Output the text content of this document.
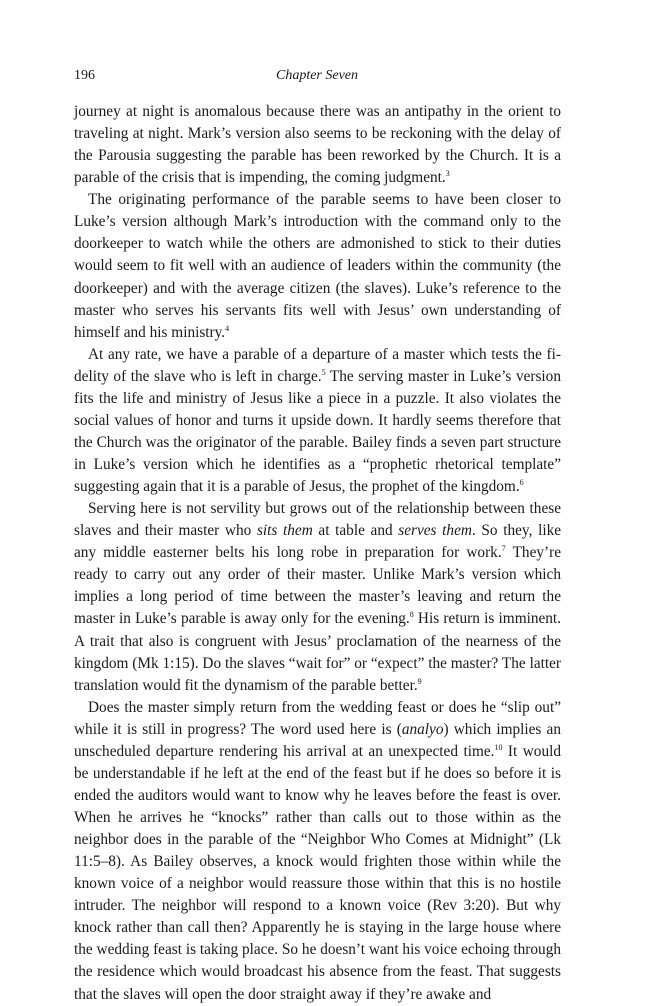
196	Chapter Seven

journey at night is anomalous because there was an antipathy in the orient to traveling at night. Mark’s version also seems to be reckoning with the delay of the Parousia suggesting the parable has been reworked by the Church. It is a parable of the crisis that is impending, the coming judgment.$^3$

The originating performance of the parable seems to have been closer to Luke’s version although Mark’s introduction with the command only to the doorkeeper to watch while the others are admonished to stick to their duties would seem to fit well with an audience of leaders within the community (the doorkeeper) and with the average citizen (the slaves). Luke’s reference to the master who serves his servants fits well with Jesus’ own understanding of himself and his ministry.$^4$

At any rate, we have a parable of a departure of a master which tests the fidelity of the slave who is left in charge.$^5$ The serving master in Luke’s version fits the life and ministry of Jesus like a piece in a puzzle. It also violates the social values of honor and turns it upside down. It hardly seems therefore that the Church was the originator of the parable. Bailey finds a seven part structure in Luke’s version which he identifies as a “prophetic rhetorical template” suggesting again that it is a parable of Jesus, the prophet of the kingdom.$^6$

Serving here is not servility but grows out of the relationship between these slaves and their master who sits them at table and serves them. So they, like any middle easterner belts his long robe in preparation for work.$^7$ They’re ready to carry out any order of their master. Unlike Mark’s version which implies a long period of time between the master’s leaving and return the master in Luke’s parable is away only for the evening.$^8$ His return is imminent. A trait that also is congruent with Jesus’ proclamation of the nearness of the kingdom (Mk 1:15). Do the slaves “wait for” or “expect” the master? The latter translation would fit the dynamism of the parable better.$^9$

Does the master simply return from the wedding feast or does he “slip out” while it is still in progress? The word used here is (analyo) which implies an unscheduled departure rendering his arrival at an unexpected time.$^{10}$ It would be understandable if he left at the end of the feast but if he does so before it is ended the auditors would want to know why he leaves before the feast is over. When he arrives he “knocks” rather than calls out to those within as the neighbor does in the parable of the “Neighbor Who Comes at Midnight” (Lk 11:5–8). As Bailey observes, a knock would frighten those within while the known voice of a neighbor would reassure those within that this is no hostile intruder. The neighbor will respond to a known voice (Rev 3:20). But why knock rather than call then? Apparently he is staying in the large house where the wedding feast is taking place. So he doesn’t want his voice echoing through the residence which would broadcast his absence from the feast. That suggests that the slaves will open the door straight away if they’re awake and
